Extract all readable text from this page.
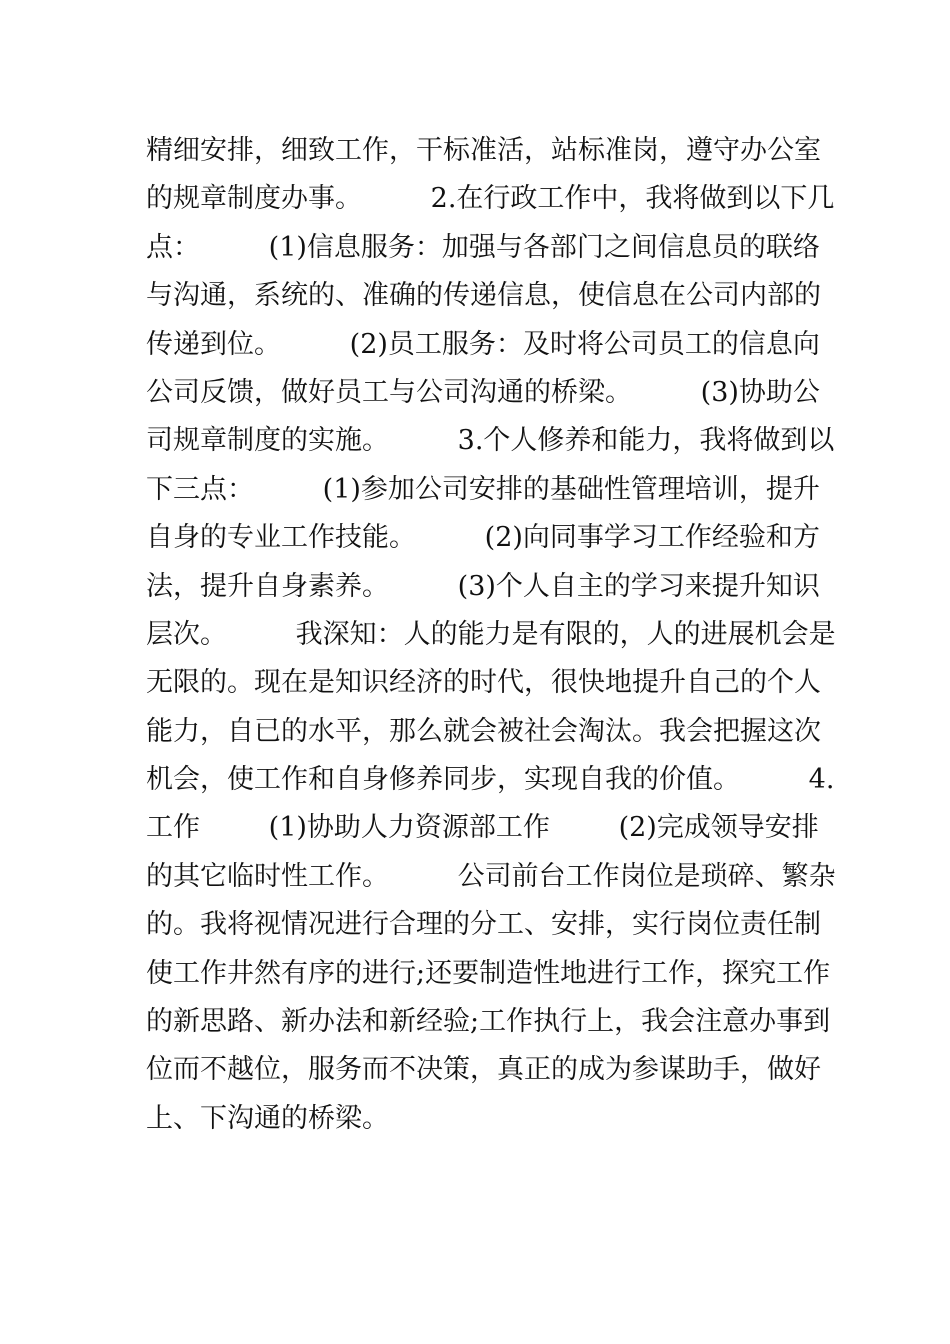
精细安排，细致工作，干标准活，站标准岗，遵守办公室
的规章制度办事。        2.在行政工作中，我将做到以下几
点：        (1)信息服务：加强与各部门之间信息员的联络
与沟通，系统的、准确的传递信息，使信息在公司内部的
传递到位。        (2)员工服务：及时将公司员工的信息向
公司反馈，做好员工与公司沟通的桥梁。        (3)协助公
司规章制度的实施。        3.个人修养和能力，我将做到以
下三点：        (1)参加公司安排的基础性管理培训，提升
自身的专业工作技能。        (2)向同事学习工作经验和方
法，提升自身素养。        (3)个人自主的学习来提升知识
层次。        我深知：人的能力是有限的，人的进展机会是
无限的。现在是知识经济的时代，很快地提升自己的个人
能力，自已的水平，那么就会被社会淘汰。我会把握这次
机会，使工作和自身修养同步，实现自我的价值。        4.
工作        (1)协助人力资源部工作        (2)完成领导安排
的其它临时性工作。        公司前台工作岗位是琐碎、繁杂
的。我将视情况进行合理的分工、安排，实行岗位责任制
使工作井然有序的进行;还要制造性地进行工作，探究工作
的新思路、新办法和新经验;工作执行上，我会注意办事到
位而不越位，服务而不决策，真正的成为参谋助手，做好
上、下沟通的桥梁。
